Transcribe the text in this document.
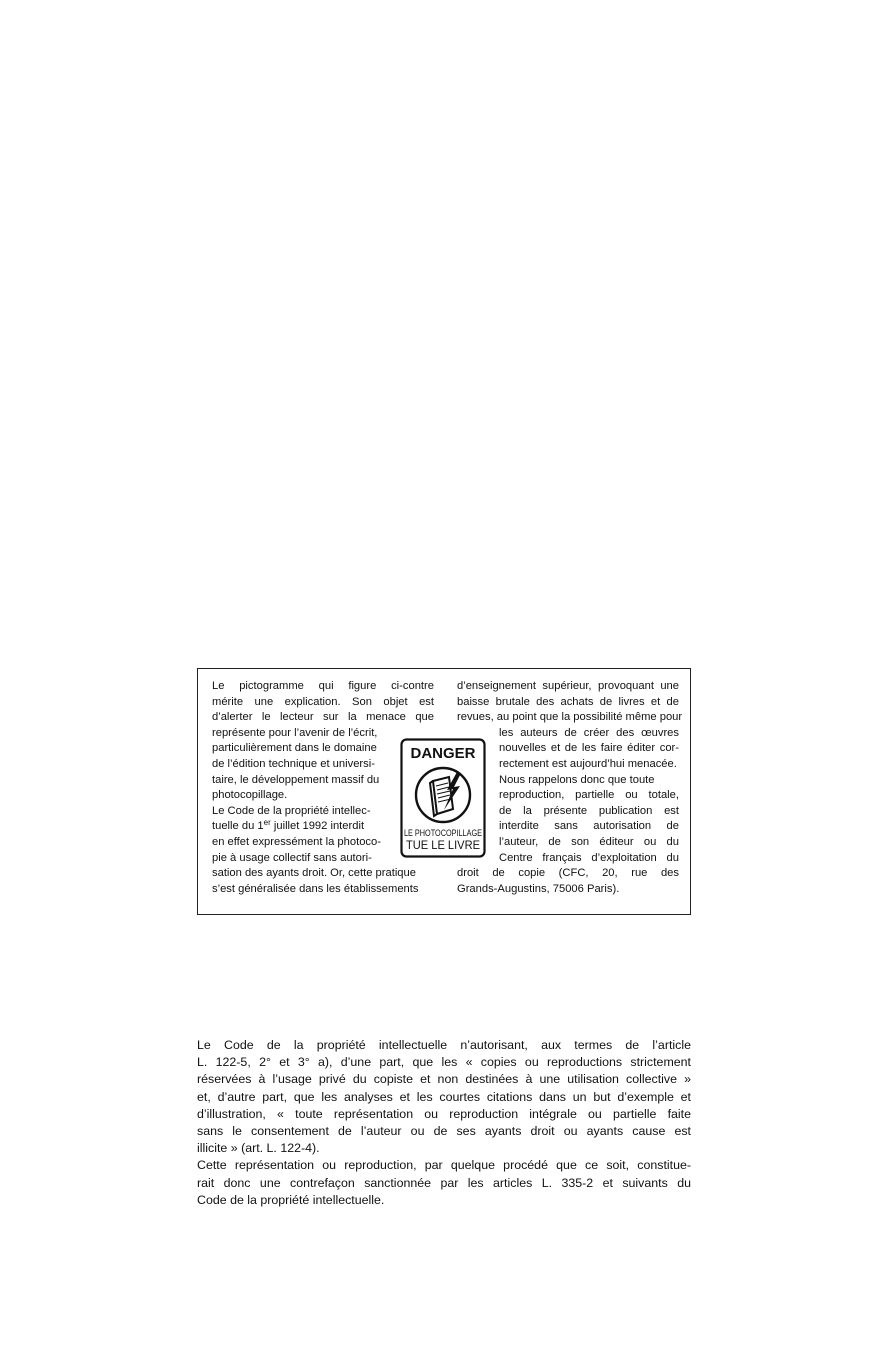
Le pictogramme qui figure ci-contre
mérite une explication. Son objet est
d’alerter le lecteur sur la menace que
représente pour l’avenir de l’écrit,
particulièrement dans le domaine
de l’édition technique et universi-
taire, le développement massif du
photocopillage.
Le Code de la propriété intellec-
tuelle du 1er juillet 1992 interdit
en effet expressément la photoco-
pie à usage collectif sans autori-
sation des ayants droit. Or, cette pratique
s’est généralisée dans les établissements
d’enseignement supérieur, provoquant une
baisse brutale des achats de livres et de
revues, au point que la possibilité même pour
les auteurs de créer des œuvres
nouvelles et de les faire éditer cor-
rectement est aujourd’hui menacée.
Nous rappelons donc que toute
reproduction, partielle ou totale,
de la présente publication est
interdite sans autorisation de
l’auteur, de son éditeur ou du
Centre français d’exploitation du
droit de copie (CFC, 20, rue des
Grands-Augustins, 75006 Paris).
DANGER
LE PHOTOCOPILLAGE
TUE LE LIVRE
Le Code de la propriété intellectuelle n’autorisant, aux termes de l’article
L. 122-5, 2° et 3° a), d’une part, que les « copies ou reproductions strictement
réservées à l’usage privé du copiste et non destinées à une utilisation collective »
et, d’autre part, que les analyses et les courtes citations dans un but d’exemple et
d’illustration, « toute représentation ou reproduction intégrale ou partielle faite
sans le consentement de l’auteur ou de ses ayants droit ou ayants cause est
illicite » (art. L. 122-4).
Cette représentation ou reproduction, par quelque procédé que ce soit, constitue-
rait donc une contrefaçon sanctionnée par les articles L. 335-2 et suivants du
Code de la propriété intellectuelle.
